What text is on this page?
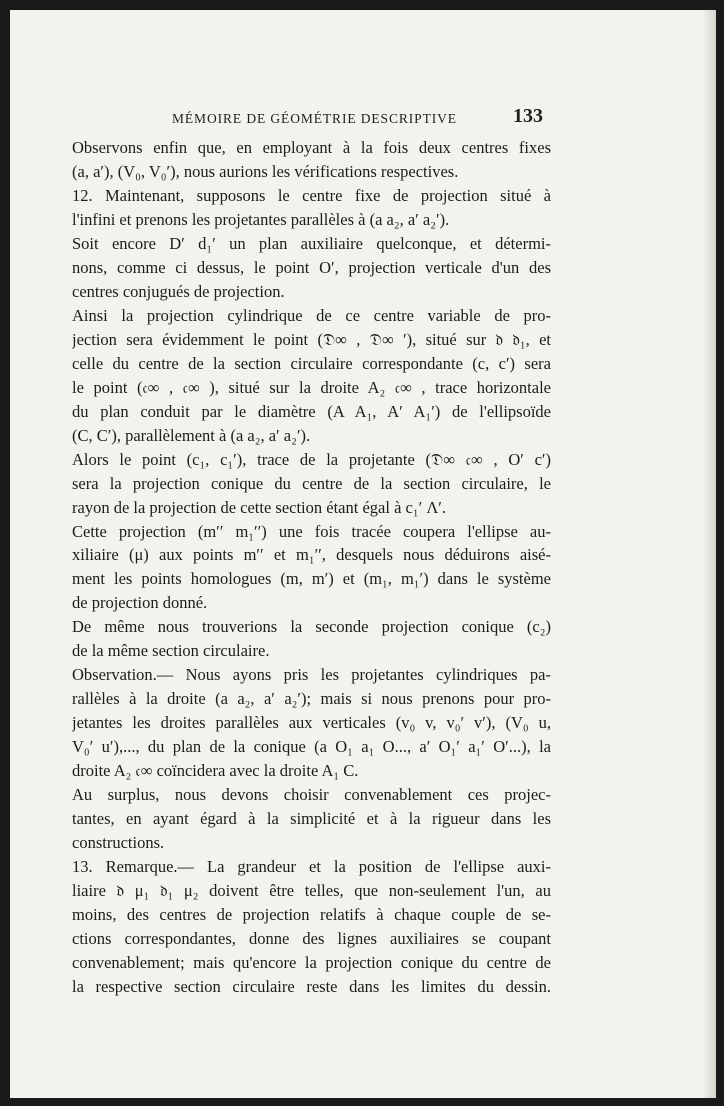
MÉMOIRE DE GÉOMÉTRIE DESCRIPTIVE	133
Observons enfin que, en employant à la fois deux centres fixes
(a, a′), (V₀, V₀′), nous aurions les vérifications respectives.
12. Maintenant, supposons le centre fixe de projection situé à
l'infini et prenons les projetantes parallèles à (a a₂, a′ a₂′).
Soit encore D′ d₁′ un plan auxiliaire quelconque, et détermi-
nons, comme ci dessus, le point O′, projection verticale d'un des
centres conjugués de projection.
Ainsi la projection cylindrique de ce centre variable de pro-
jection sera évidemment le point (𝔇∞ , 𝔇∞ ′), situé sur 𝔡 𝔡₁, et
celle du centre de la section circulaire correspondante (c, c′) sera
le point (𝔠∞ , 𝔠∞ ), situé sur la droite A₂ 𝔠∞ , trace horizontale
du plan conduit par le diamètre (A A₁, A′ A₁′) de l'ellipsoïde
(C, C′), parallèlement à (a a₂, a′ a₂′).
Alors le point (c₁, c₁′), trace de la projetante (𝔇∞ 𝔠∞ , O′ c′)
sera la projection conique du centre de la section circulaire, le
rayon de la projection de cette section étant égal à c₁′ Λ′.
Cette projection (m′′ m₁′′) une fois tracée coupera l'ellipse au-
xiliaire (μ) aux points m′′ et m₁′′, desquels nous déduirons aisé-
ment les points homologues (m, m′) et (m₁, m₁′) dans le système
de projection donné.
De même nous trouverions la seconde projection conique (c₂)
de la même section circulaire.
Observation.— Nous ayons pris les projetantes cylindriques pa-
rallèles à la droite (a a₂, a′ a₂′); mais si nous prenons pour pro-
jetantes les droites parallèles aux verticales (v₀ v, v₀′ v′), (V₀ u,
V₀′ u′),..., du plan de la conique (a O₁ a₁ O..., a′ O₁′ a₁′ O′...), la
droite A₂ 𝔠∞ coïncidera avec la droite A₁ C.
Au surplus, nous devons choisir convenablement ces projec-
tantes, en ayant égard à la simplicité et à la rigueur dans les
constructions.
13. Remarque.— La grandeur et la position de l'ellipse auxi-
liaire 𝔡 μ₁ 𝔡₁ μ₂ doivent être telles, que non-seulement l'un, au
moins, des centres de projection relatifs à chaque couple de se-
ctions correspondantes, donne des lignes auxiliaires se coupant
convenablement; mais qu'encore la projection conique du centre de
la respective section circulaire reste dans les limites du dessin.
